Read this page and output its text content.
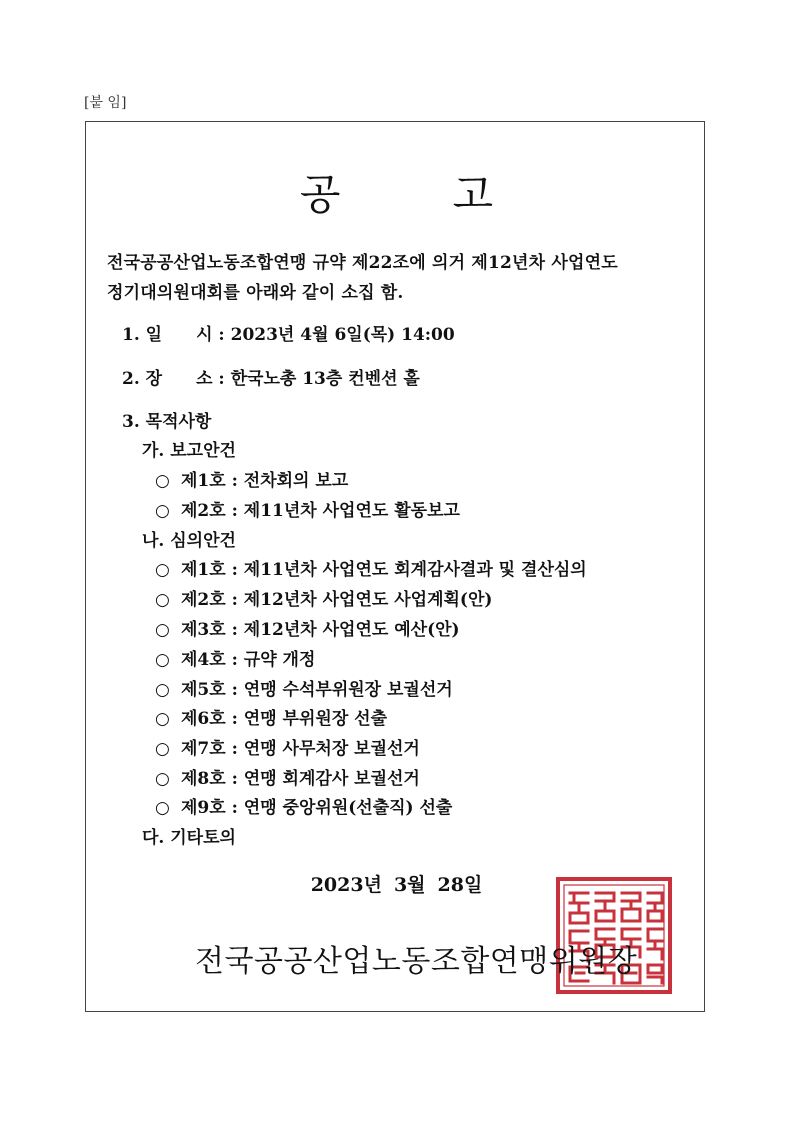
[붙 임]
공	고
전국공공산업노동조합연맹 규약 제22조에 의거 제12년차 사업연도
정기대의원대회를 아래와 같이 소집 함.
1. 일　　시 : 2023년 4월 6일(목) 14:00
2. 장　　소 : 한국노총 13층 컨벤션 홀
3. 목적사항
가. 보고안건
○ 제1호 : 전차회의 보고
○ 제2호 : 제11년차 사업연도 활동보고
나. 심의안건
○ 제1호 : 제11년차 사업연도 회계감사결과 및 결산심의
○ 제2호 : 제12년차 사업연도 사업계획(안)
○ 제3호 : 제12년차 사업연도 예산(안)
○ 제4호 : 규약 개정
○ 제5호 : 연맹 수석부위원장 보궐선거
○ 제6호 : 연맹 부위원장 선출
○ 제7호 : 연맹 사무처장 보궐선거
○ 제8호 : 연맹 회계감사 보궐선거
○ 제9호 : 연맹 중앙위원(선출직) 선출
다. 기타토의
2023년 3월 28일
전국공공산업노동조합연맹위원장
